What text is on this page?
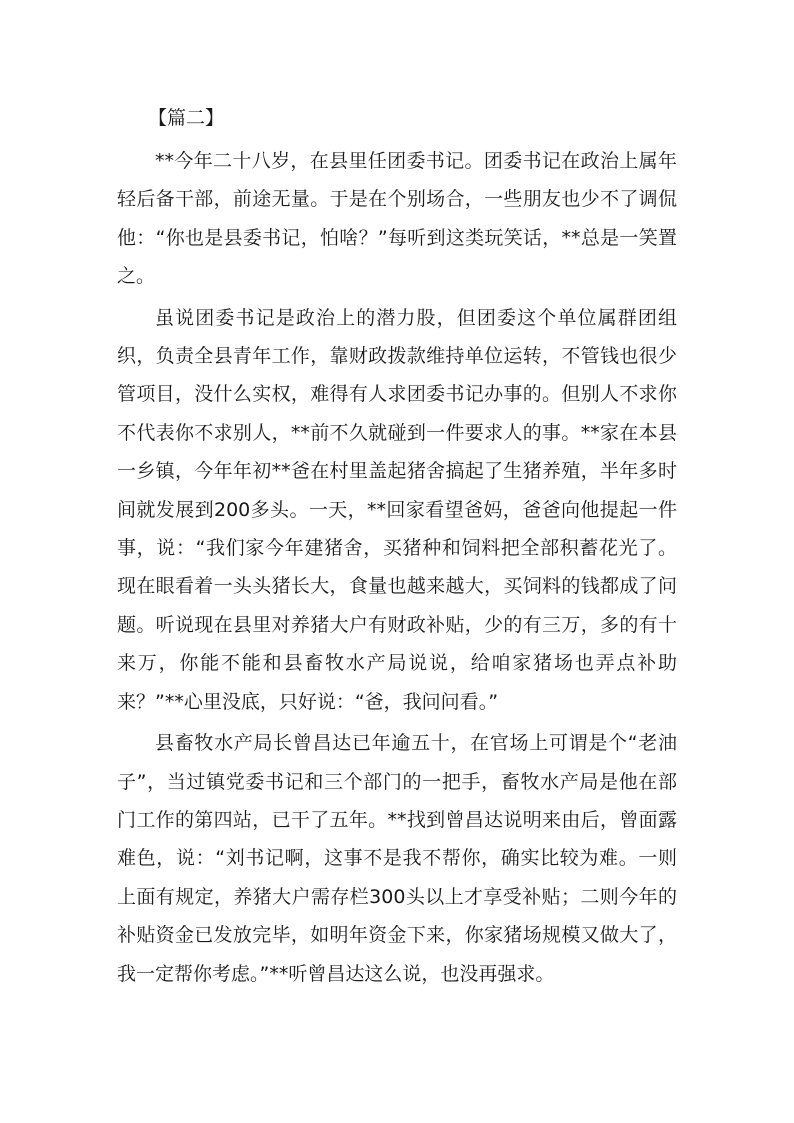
【篇二】

**今年二十八岁，在县里任团委书记。团委书记在政治上属年轻后备干部，前途无量。于是在个别场合，一些朋友也少不了调侃他：“你也是县委书记，怕啥？”每听到这类玩笑话，**总是一笑置之。

虽说团委书记是政治上的潜力股，但团委这个单位属群团组织，负责全县青年工作，靠财政拨款维持单位运转，不管钱也很少管项目，没什么实权，难得有人求团委书记办事的。但别人不求你不代表你不求别人，**前不久就碰到一件要求人的事。**家在本县一乡镇，今年年初**爸在村里盖起猪舍搞起了生猪养殖，半年多时间就发展到200多头。一天，**回家看望爸妈，爸爸向他提起一件事，说：“我们家今年建猪舍，买猪种和饲料把全部积蓄花光了。现在眼看着一头头猪长大，食量也越来越大，买饲料的钱都成了问题。听说现在县里对养猪大户有财政补贴，少的有三万，多的有十来万，你能不能和县畜牧水产局说说，给咱家猪场也弄点补助来？”**心里没底，只好说：“爸，我问问看。”

县畜牧水产局长曾昌达已年逾五十，在官场上可谓是个“老油子”，当过镇党委书记和三个部门的一把手，畜牧水产局是他在部门工作的第四站，已干了五年。**找到曾昌达说明来由后，曾面露难色，说：“刘书记啊，这事不是我不帮你，确实比较为难。一则上面有规定，养猪大户需存栏300头以上才享受补贴；二则今年的补贴资金已发放完毕，如明年资金下来，你家猪场规模又做大了，我一定帮你考虑。”**听曾昌达这么说，也没再强求。
